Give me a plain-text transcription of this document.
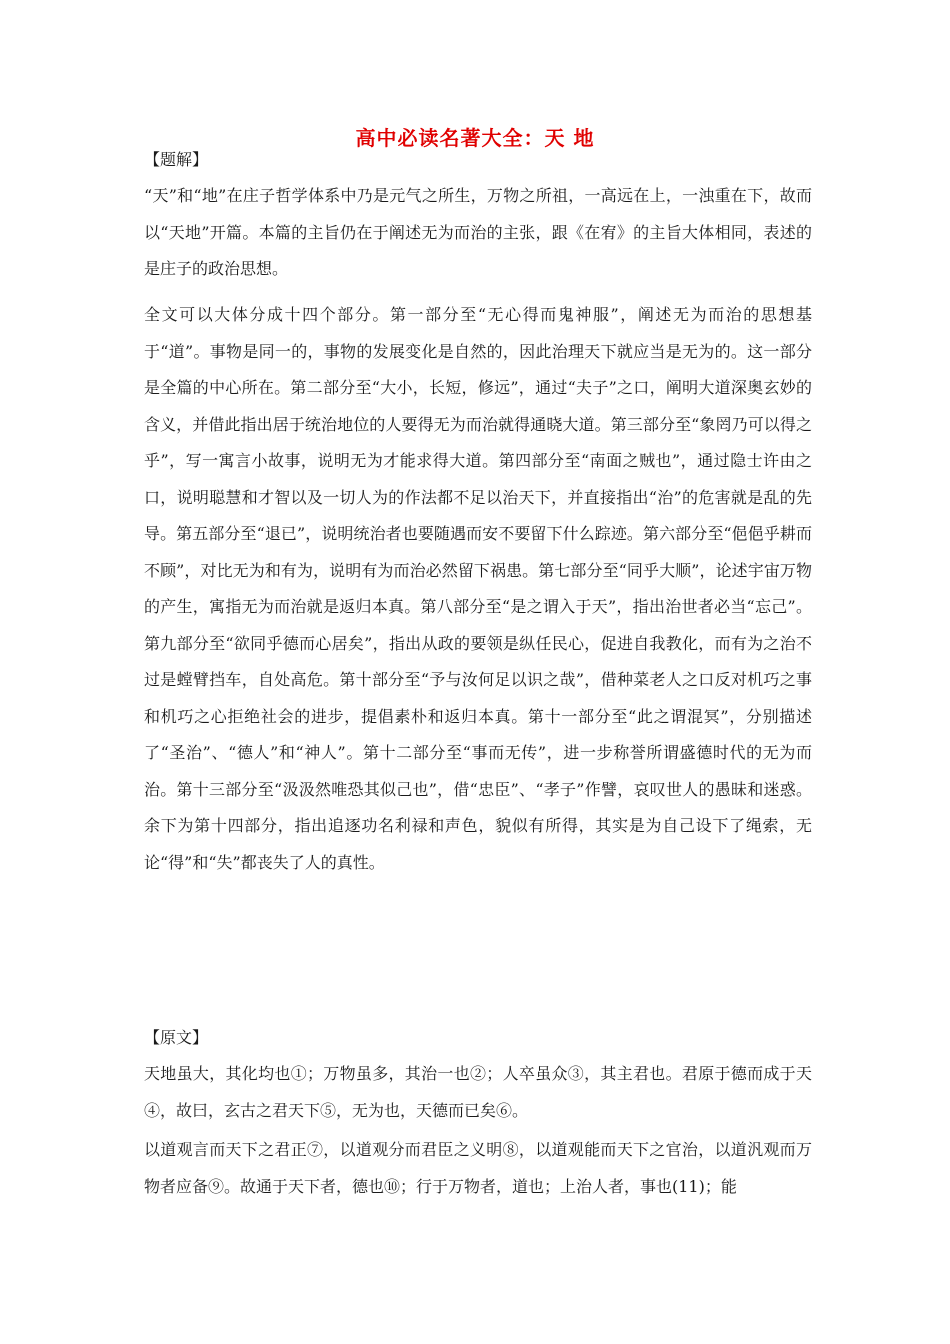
高中必读名著大全：天 地
【题解】

“天”和“地”在庄子哲学体系中乃是元气之所生，万物之所祖，一高远在上，一浊重在下，故而以“天地”开篇。本篇的主旨仍在于阐述无为而治的主张，跟《在宥》的主旨大体相同，表述的是庄子的政治思想。

全文可以大体分成十四个部分。第一部分至“无心得而鬼神服”，阐述无为而治的思想基于“道”。事物是同一的，事物的发展变化是自然的，因此治理天下就应当是无为的。这一部分是全篇的中心所在。第二部分至“大小，长短，修远”，通过“夫子”之口，阐明大道深奥玄妙的含义，并借此指出居于统治地位的人要得无为而治就得通晓大道。第三部分至“象罔乃可以得之乎”，写一寓言小故事，说明无为才能求得大道。第四部分至“南面之贼也”，通过隐士许由之口，说明聪慧和才智以及一切人为的作法都不足以治天下，并直接指出“治”的危害就是乱的先导。第五部分至“退已”，说明统治者也要随遇而安不要留下什么踪迹。第六部分至“俋俋乎耕而不顾”，对比无为和有为，说明有为而治必然留下祸患。第七部分至“同乎大顺”，论述宇宙万物的产生，寓指无为而治就是返归本真。第八部分至“是之谓入于天”，指出治世者必当“忘己”。第九部分至“欲同乎德而心居矣”，指出从政的要领是纵任民心，促进自我教化，而有为之治不过是螳臂挡车，自处高危。第十部分至“予与汝何足以识之哉”，借种菜老人之口反对机巧之事和机巧之心拒绝社会的进步，提倡素朴和返归本真。第十一部分至“此之谓混冥”，分别描述了“圣治”、“德人”和“神人”。第十二部分至“事而无传”，进一步称誉所谓盛德时代的无为而治。第十三部分至“汲汲然唯恐其似己也”，借“忠臣”、“孝子”作譬，哀叹世人的愚昧和迷惑。余下为第十四部分，指出追逐功名利禄和声色，貌似有所得，其实是为自己设下了绳索，无论“得”和“失”都丧失了人的真性。

【原文】

天地虽大，其化均也①；万物虽多，其治一也②；人卒虽众③，其主君也。君原于德而成于天④，故曰，玄古之君天下⑤，无为也，天德而已矣⑥。

以道观言而天下之君正⑦，以道观分而君臣之义明⑧，以道观能而天下之官治，以道汎观而万物者应备⑨。故通于天下者，德也⑩；行于万物者，道也；上治人者，事也(11)；能
